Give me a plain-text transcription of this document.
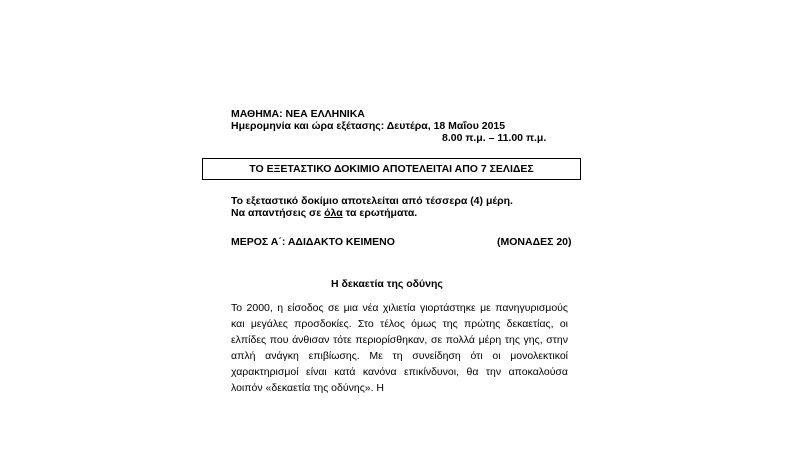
ΜΑΘΗΜΑ: ΝΕΑ ΕΛΛΗΝΙΚΑ
Ημερομηνία και ώρα εξέτασης: Δευτέρα, 18 Μαΐου 2015
8.00 π.μ. – 11.00 π.μ.
ΤΟ ΕΞΕΤΑΣΤΙΚΟ ΔΟΚΙΜΙΟ ΑΠΟΤΕΛΕΙΤΑΙ ΑΠΟ 7 ΣΕΛΙΔΕΣ
Το εξεταστικό δοκίμιο αποτελείται από τέσσερα (4) μέρη.
Να απαντήσεις σε όλα τα ερωτήματα.
ΜΕΡΟΣ Α΄: ΑΔΙΔΑΚΤΟ ΚΕΙΜΕΝΟ	(ΜΟΝΑΔΕΣ 20)
Η δεκαετία της οδύνης

Το 2000, η είσοδος σε μια νέα χιλιετία γιορτάστηκε με πανηγυρισμούς και μεγάλες προσδοκίες. Στο τέλος όμως της πρώτης δεκαετίας, οι ελπίδες που άνθισαν τότε περιορίσθηκαν, σε πολλά μέρη της γης, στην απλή ανάγκη επιβίωσης. Με τη συνείδηση ότι οι μονολεκτικοί χαρακτηρισμοί είναι κατά κανόνα επικίνδυνοι, θα την αποκαλούσα λοιπόν «δεκαετία της οδύνης». Η
